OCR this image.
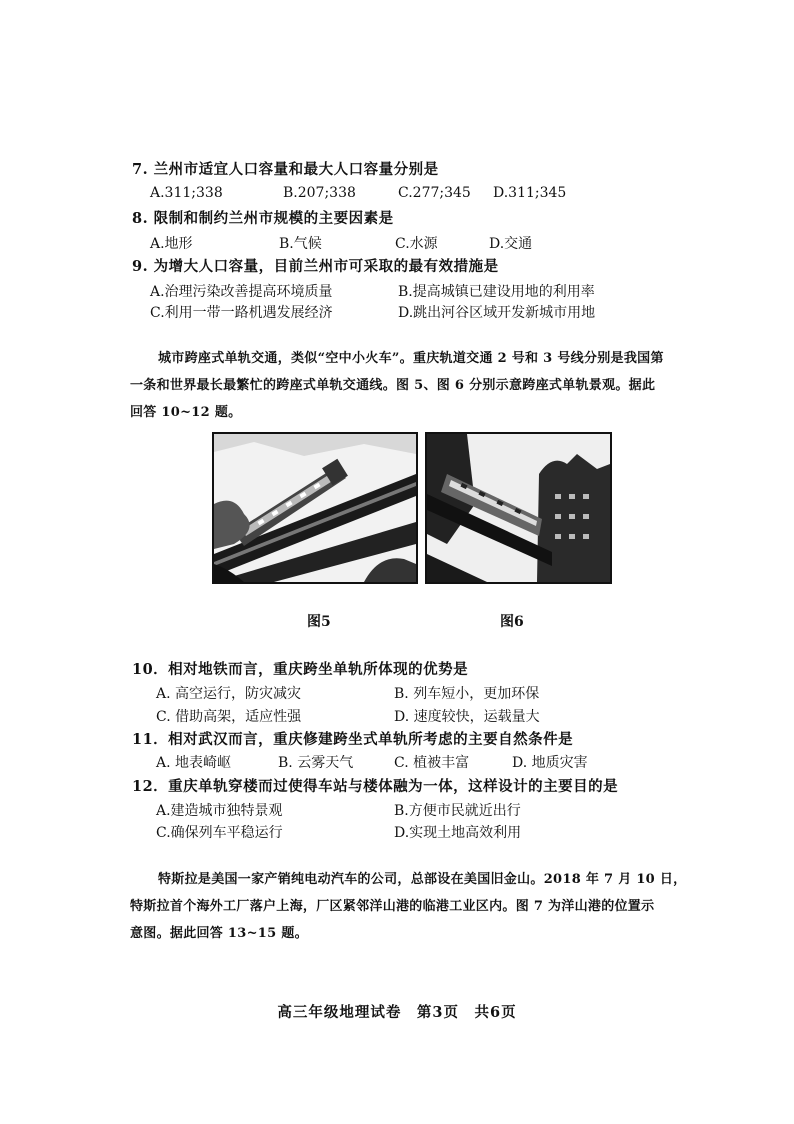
7. 兰州市适宜人口容量和最大人口容量分别是
A.311;338	B.207;338	C.277;345 D.311;345
8. 限制和制约兰州市规模的主要因素是
A.地形	B.气候	C.水源	D.交通
9. 为增大人口容量，目前兰州市可采取的最有效措施是
A.治理污染改善提高环境质量	B.提高城镇已建设用地的利用率
C.利用一带一路机遇发展经济	D.跳出河谷区域开发新城市用地
城市跨座式单轨交通，类似“空中小火车”。重庆轨道交通 2 号和 3 号线分别是我国第
一条和世界最长最繁忙的跨座式单轨交通线。图 5、图 6 分别示意跨座式单轨景观。据此
回答 10~12 题。
图5	图6
10．相对地铁而言，重庆跨坐单轨所体现的优势是
A. 高空运行，防灾减灾	B. 列车短小，更加环保
C. 借助高架，适应性强	D. 速度较快，运载量大
11．相对武汉而言，重庆修建跨坐式单轨所考虑的主要自然条件是
A. 地表崎岖	B. 云雾天气	C. 植被丰富	D. 地质灾害
12．重庆单轨穿楼而过使得车站与楼体融为一体，这样设计的主要目的是
A.建造城市独特景观	B.方便市民就近出行
C.确保列车平稳运行	D.实现土地高效利用
特斯拉是美国一家产销纯电动汽车的公司，总部设在美国旧金山。2018 年 7 月 10 日，
特斯拉首个海外工厂落户上海，厂区紧邻洋山港的临港工业区内。图 7 为洋山港的位置示
意图。据此回答 13~15 题。
高三年级地理试卷　第3页　共6页
